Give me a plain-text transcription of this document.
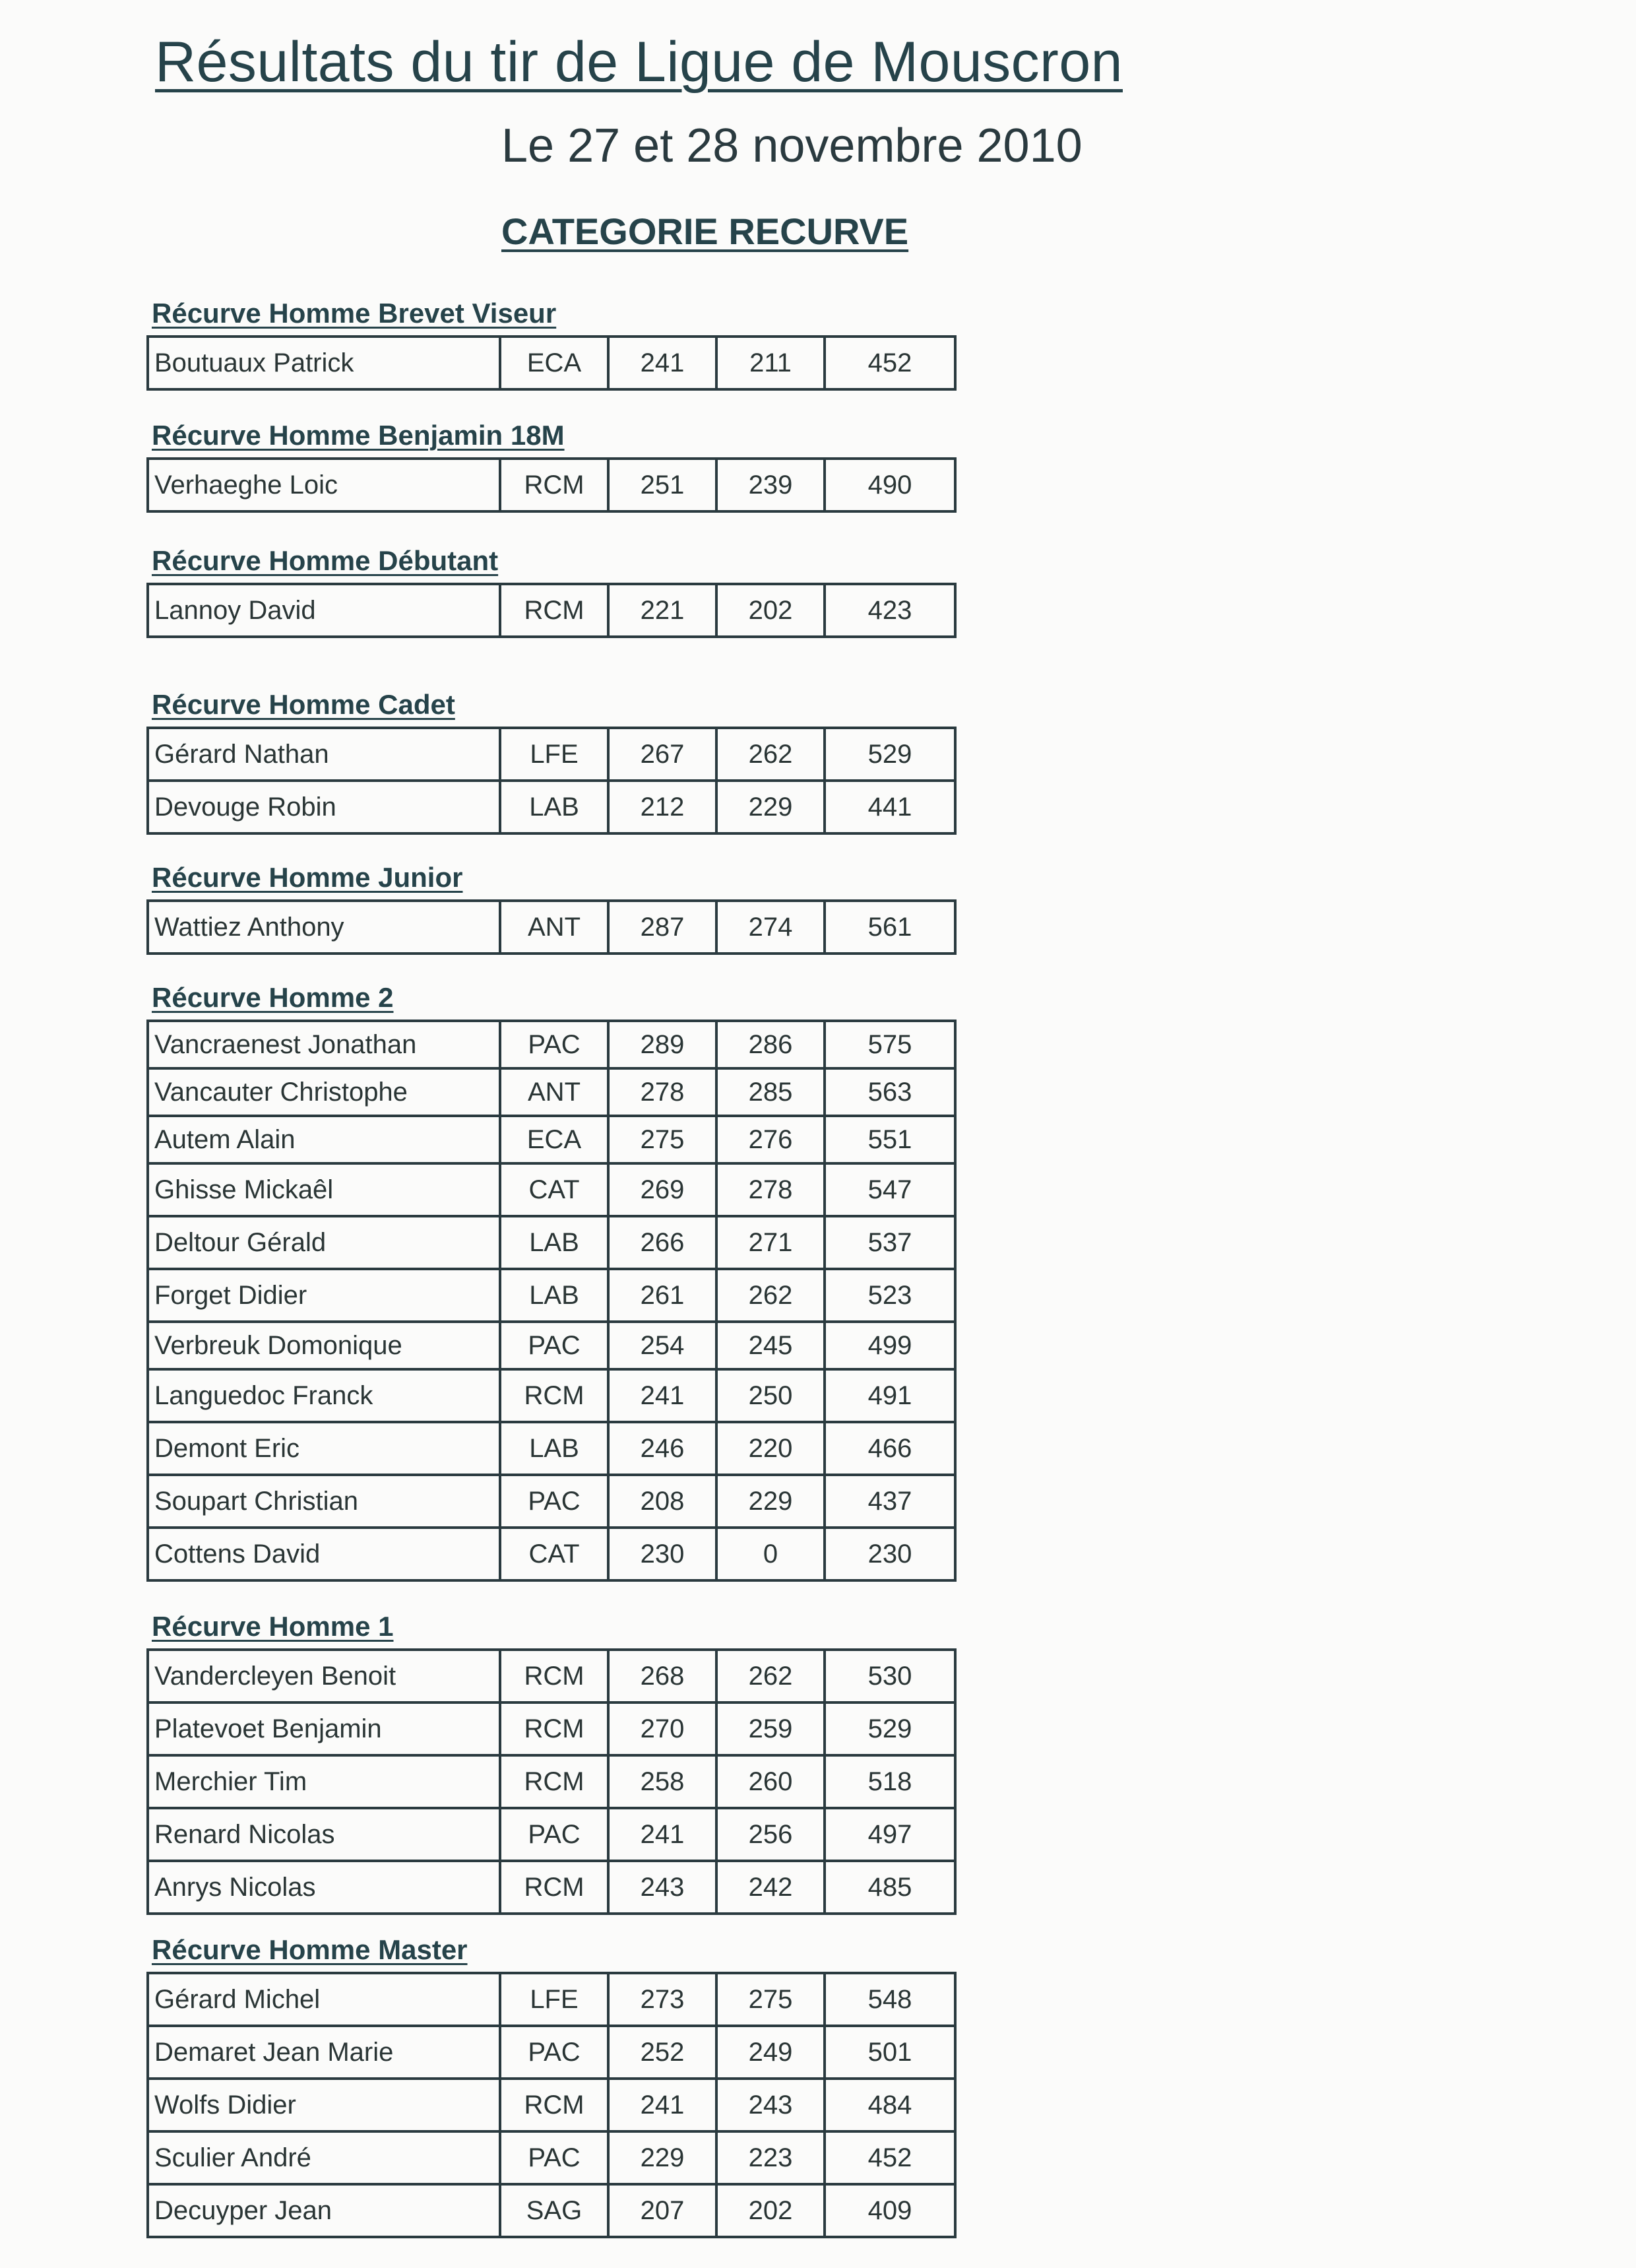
Résultats du tir de Ligue de Mouscron
Le 27 et 28 novembre 2010
CATEGORIE RECURVE
Récurve Homme Brevet Viseur
Boutuaux Patrick	ECA	241	211	452
Récurve Homme Benjamin 18M
Verhaeghe Loic	RCM	251	239	490
Récurve Homme Débutant
Lannoy David	RCM	221	202	423
Récurve Homme Cadet
Gérard Nathan	LFE	267	262	529
Devouge Robin	LAB	212	229	441
Récurve Homme Junior
Wattiez Anthony	ANT	287	274	561
Récurve Homme 2
Vancraenest Jonathan	PAC	289	286	575
Vancauter Christophe	ANT	278	285	563
Autem Alain	ECA	275	276	551
Ghisse Mickaêl	CAT	269	278	547
Deltour Gérald	LAB	266	271	537
Forget Didier	LAB	261	262	523
Verbreuk Domonique	PAC	254	245	499
Languedoc Franck	RCM	241	250	491
Demont Eric	LAB	246	220	466
Soupart Christian	PAC	208	229	437
Cottens David	CAT	230	0	230
Récurve Homme 1
Vandercleyen Benoit	RCM	268	262	530
Platevoet Benjamin	RCM	270	259	529
Merchier Tim	RCM	258	260	518
Renard Nicolas	PAC	241	256	497
Anrys Nicolas	RCM	243	242	485
Récurve Homme Master
Gérard Michel	LFE	273	275	548
Demaret Jean Marie	PAC	252	249	501
Wolfs Didier	RCM	241	243	484
Sculier André	PAC	229	223	452
Decuyper Jean	SAG	207	202	409
